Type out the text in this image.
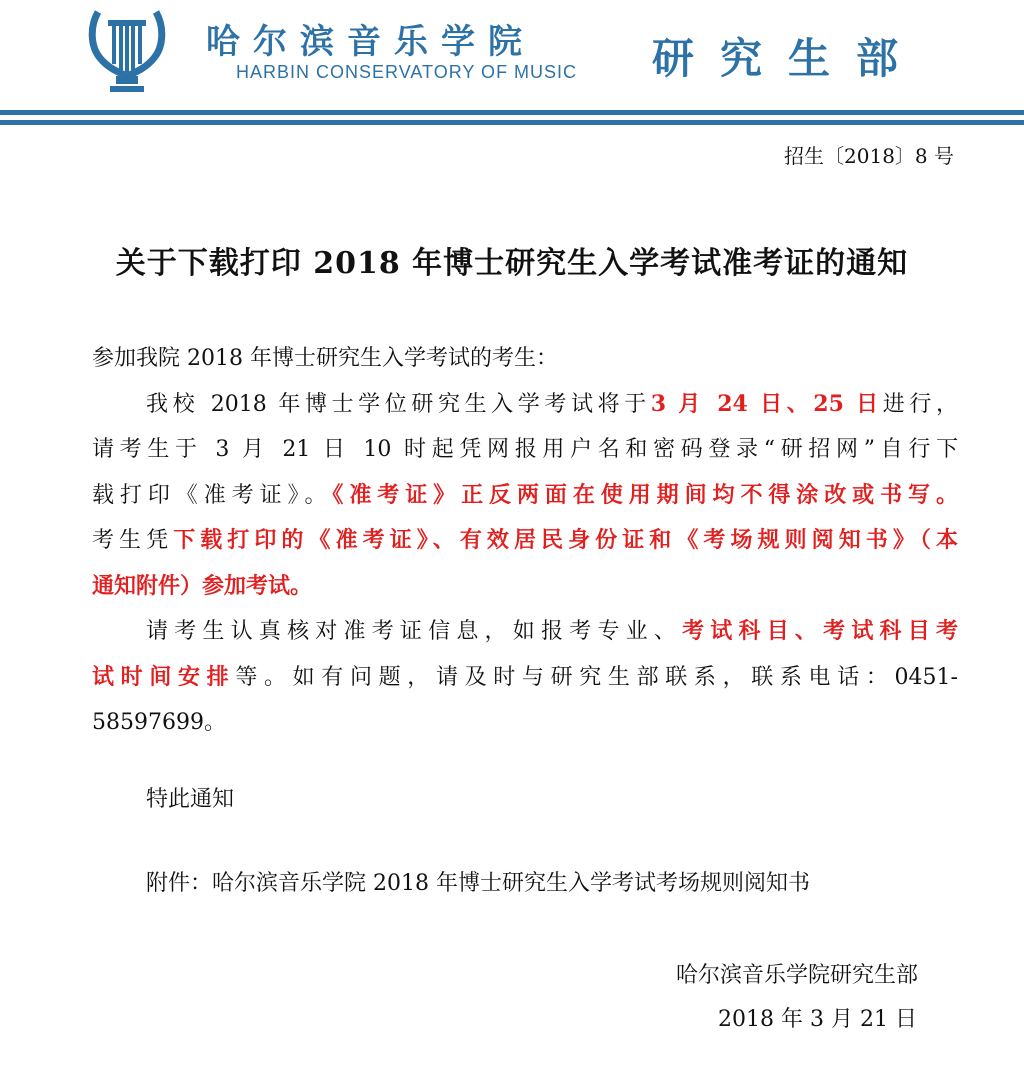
哈尔滨音乐学院
HARBIN CONSERVATORY OF MUSIC 研究生部
招生〔2018〕8 号
关于下载打印 2018 年博士研究生入学考试准考证的通知

参加我院 2018 年博士研究生入学考试的考生：

我校 2018 年博士学位研究生入学考试将于3 月 24 日、25 日进行，
请考生于 3 月 21 日 10 时起凭网报用户名和密码登录“研招网”自行下
载打印《准考证》。《准考证》正反两面在使用期间均不得涂改或书写。
考生凭下载打印的《准考证》、有效居民身份证和《考场规则阅知书》（本
通知附件）参加考试。
请考生认真核对准考证信息，如报考专业、考试科目、考试科目考
试时间安排等。如有问题，请及时与研究生部联系，联系电话：0451-
58597699。
特此通知
附件：哈尔滨音乐学院 2018 年博士研究生入学考试考场规则阅知书
哈尔滨音乐学院研究生部
2018 年 3 月 21 日
